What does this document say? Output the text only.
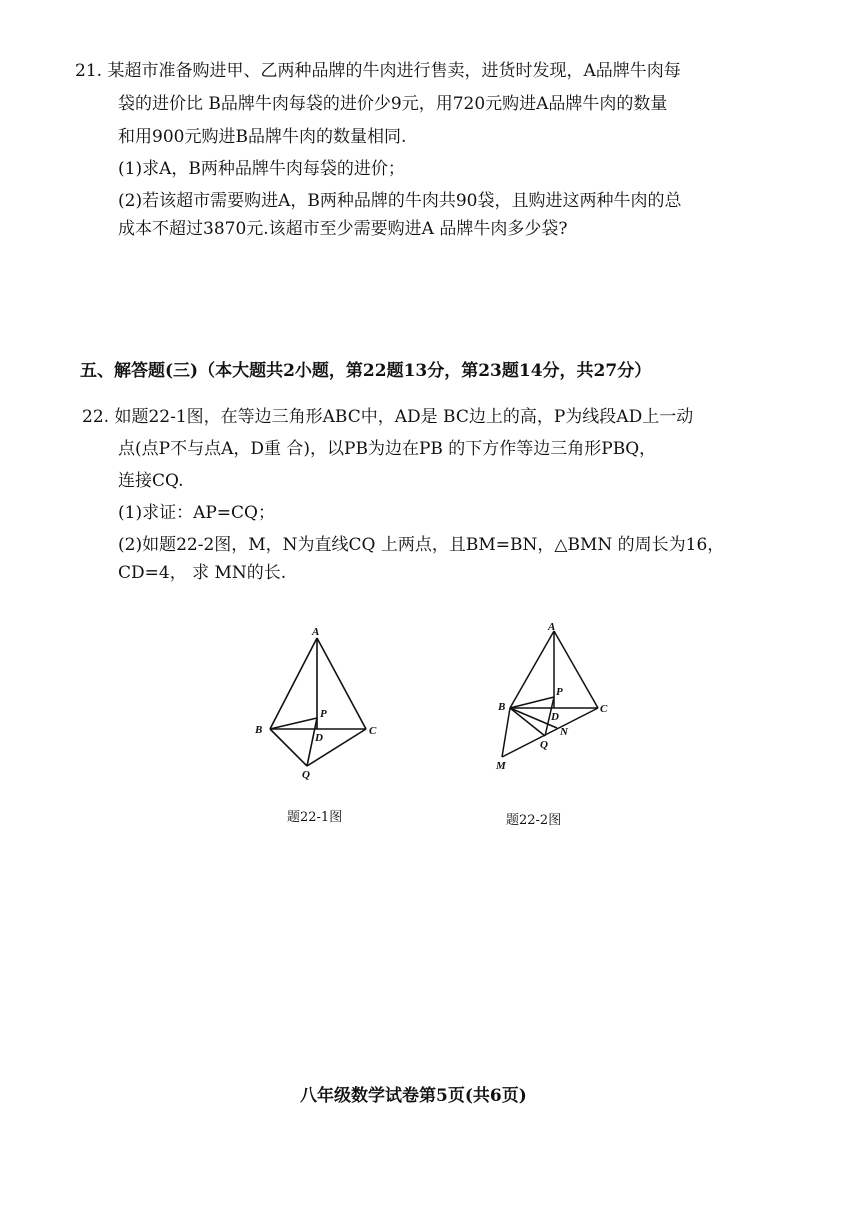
21. 某超市准备购进甲、乙两种品牌的牛肉进行售卖，进货时发现，A品牌牛肉每
袋的进价比 B品牌牛肉每袋的进价少9元，用720元购进A品牌牛肉的数量
和用900元购进B品牌牛肉的数量相同.
(1)求A，B两种品牌牛肉每袋的进价；
(2)若该超市需要购进A，B两种品牌的牛肉共90袋，且购进这两种牛肉的总
成本不超过3870元.该超市至少需要购进A 品牌牛肉多少袋?
五、解答题(三)（本大题共2小题，第22题13分，第23题14分，共27分）
22. 如题22-1图，在等边三角形ABC中，AD是 BC边上的高，P为线段AD上一动
点(点P不与点A，D重 合)，以PB为边在PB 的下方作等边三角形PBQ，
连接CQ.
(1)求证：AP=CQ；
(2)如题22-2图，M，N为直线CQ 上两点，且BM=BN，△BMN 的周长为16，
CD=4， 求 MN的长.
A
B	C
P
D
Q
题22-1图
A
B	C
P
D
Q
N
M
题22-2图
八年级数学试卷第5页(共6页)
